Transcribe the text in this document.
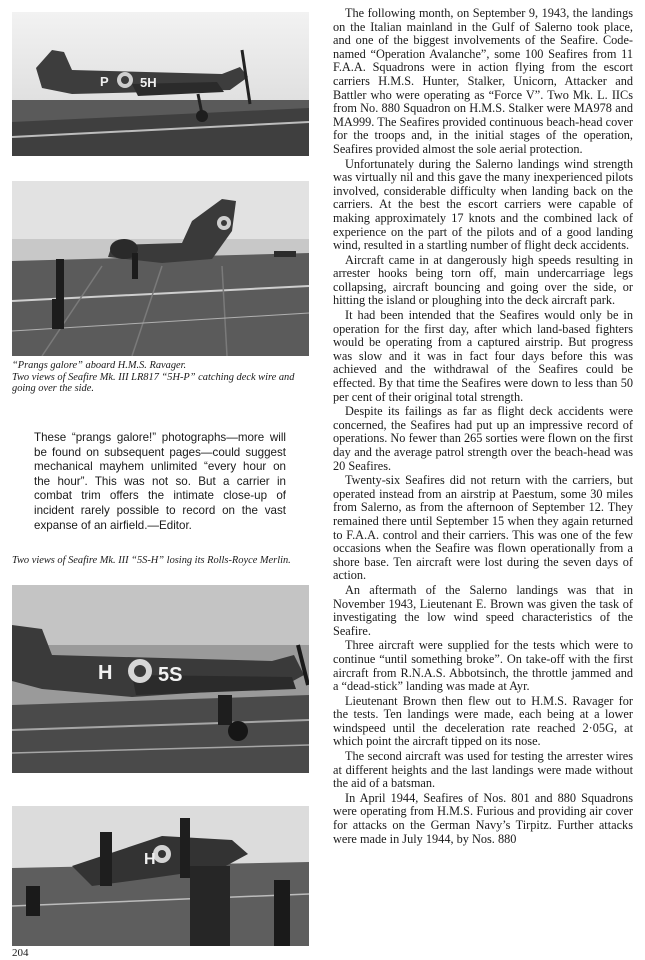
P 5H

“Prangs galore” aboard H.M.S. Ravager.

Two views of Seafire Mk. III LR817 “5H-P” catching deck wire and going over the side.

These “prangs galore!” photographs—more will be found on subsequent pages—could suggest mechanical mayhem unlimited “every hour on the hour”. This was not so. But a carrier in combat trim offers the intimate close-up of incident rarely possible to record on the vast expanse of an airfield.—Editor.

Two views of Seafire Mk. III “5S-H” losing its Rolls-Royce Merlin.

H 5S
H

The following month, on September 9, 1943, the landings on the Italian mainland in the Gulf of Salerno took place, and one of the biggest involvements of the Seafire. Code-named “Operation Avalanche”, some 100 Seafires from 11 F.A.A. Squadrons were in action flying from the escort carriers H.M.S. Hunter, Stalker, Unicorn, Attacker and Battler who were operating as “Force V”. Two Mk. L. IICs from No. 880 Squadron on H.M.S. Stalker were MA978 and MA999. The Seafires provided continuous beach-head cover for the troops and, in the initial stages of the operation, Seafires provided almost the sole aerial protection.

Unfortunately during the Salerno landings wind strength was virtually nil and this gave the many inexperienced pilots involved, considerable difficulty when landing back on the carriers. At the best the escort carriers were capable of making approximately 17 knots and the combined lack of experience on the part of the pilots and of a good landing wind, resulted in a startling number of flight deck accidents.

Aircraft came in at dangerously high speeds resulting in arrester hooks being torn off, main undercarriage legs collapsing, aircraft bouncing and going over the side, or hitting the island or ploughing into the deck aircraft park.

It had been intended that the Seafires would only be in operation for the first day, after which land-based fighters would be operating from a captured airstrip. But progress was slow and it was in fact four days before this was achieved and the withdrawal of the Seafires could be effected. By that time the Seafires were down to less than 50 per cent of their original total strength.

Despite its failings as far as flight deck accidents were concerned, the Seafires had put up an impressive record of operations. No fewer than 265 sorties were flown on the first day and the average patrol strength over the beach-head was 20 Seafires.

Twenty-six Seafires did not return with the carriers, but operated instead from an airstrip at Paestum, some 30 miles from Salerno, as from the afternoon of September 12. They remained there until September 15 when they again returned to F.A.A. control and their carriers. This was one of the few occasions when the Seafire was flown operationally from a shore base. Ten aircraft were lost during the seven days of action.

An aftermath of the Salerno landings was that in November 1943, Lieutenant E. Brown was given the task of investigating the low wind speed characteristics of the Seafire.

Three aircraft were supplied for the tests which were to continue “until something broke”. On take-off with the first aircraft from R.N.A.S. Abbotsinch, the throttle jammed and a “dead-stick” landing was made at Ayr.

Lieutenant Brown then flew out to H.M.S. Ravager for the tests. Ten landings were made, each being at a lower windspeed until the deceleration rate reached 2·05G, at which point the aircraft tipped on its nose.

The second aircraft was used for testing the arrester wires at different heights and the last landings were made without the aid of a batsman.

In April 1944, Seafires of Nos. 801 and 880 Squadrons were operating from H.M.S. Furious and providing air cover for attacks on the German Navy’s Tirpitz. Further attacks were made in July 1944, by Nos. 880

204
